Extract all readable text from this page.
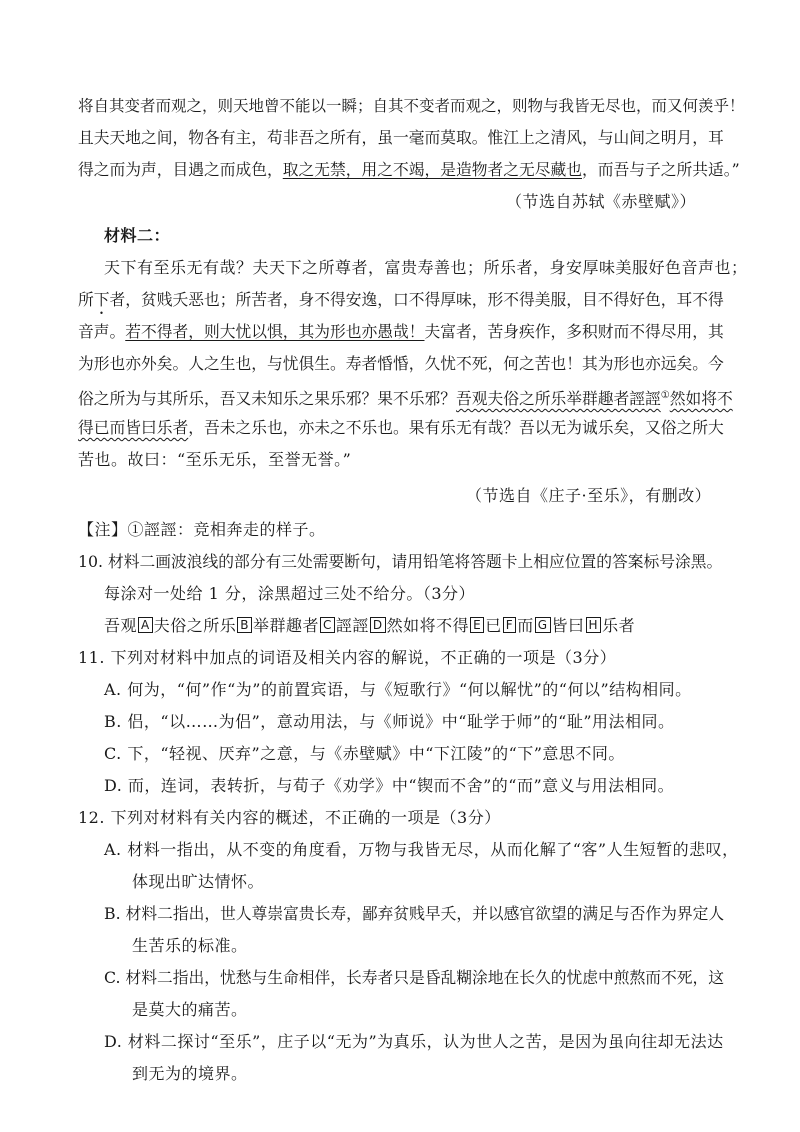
将自其变者而观之，则天地曾不能以一瞬；自其不变者而观之，则物与我皆无尽也，而又何羡乎！
且夫天地之间，物各有主，苟非吾之所有，虽一毫而莫取。惟江上之清风，与山间之明月，耳
得之而为声，目遇之而成色，取之无禁，用之不竭，是造物者之无尽藏也，而吾与子之所共适。”
（节选自苏轼《赤壁赋》）
材料二：
天下有至乐无有哉？夫天下之所尊者，富贵寿善也；所乐者，身安厚味美服好色音声也；
所下者，贫贱夭恶也；所苦者，身不得安逸，口不得厚味，形不得美服，目不得好色，耳不得
音声。若不得者，则大忧以惧，其为形也亦愚哉！夫富者，苦身疾作，多积财而不得尽用，其
为形也亦外矣。人之生也，与忧俱生。寿者惛惛，久忧不死，何之苦也！其为形也亦远矣。今
俗之所为与其所乐，吾又未知乐之果乐邪？果不乐邪？吾观夫俗之所乐举群趣者誙誙①然如将不
得已而皆曰乐者，吾未之乐也，亦未之不乐也。果有乐无有哉？吾以无为诚乐矣，又俗之所大
苦也。故曰：“至乐无乐，至誉无誉。”
（节选自《庄子·至乐》，有删改）
【注】①誙誙：竞相奔走的样子。
10. 材料二画波浪线的部分有三处需要断句，请用铅笔将答题卡上相应位置的答案标号涂黑。
每涂对一处给 1 分，涂黑超过三处不给分。（3分）
吾观 A 夫俗之所乐 B 举群趣者 C 誙誙 D 然如将不得 E 已 F 而 G 皆曰 H 乐者
11. 下列对材料中加点的词语及相关内容的解说，不正确的一项是（3分）
A. 何为，“何”作“为”的前置宾语，与《短歌行》“何以解忧”的“何以”结构相同。
B. 侣，“以……为侣”，意动用法，与《师说》中“耻学于师”的“耻”用法相同。
C. 下，“轻视、厌弃”之意，与《赤壁赋》中“下江陵”的“下”意思不同。
D. 而，连词，表转折，与荀子《劝学》中“锲而不舍”的“而”意义与用法相同。
12. 下列对材料有关内容的概述，不正确的一项是（3分）
A. 材料一指出，从不变的角度看，万物与我皆无尽，从而化解了“客”人生短暂的悲叹，
体现出旷达情怀。
B. 材料二指出，世人尊崇富贵长寿，鄙弃贫贱早夭，并以感官欲望的满足与否作为界定人
生苦乐的标准。
C. 材料二指出，忧愁与生命相伴，长寿者只是昏乱糊涂地在长久的忧虑中煎熬而不死，这
是莫大的痛苦。
D. 材料二探讨“至乐”，庄子以“无为”为真乐，认为世人之苦，是因为虽向往却无法达
到无为的境界。
